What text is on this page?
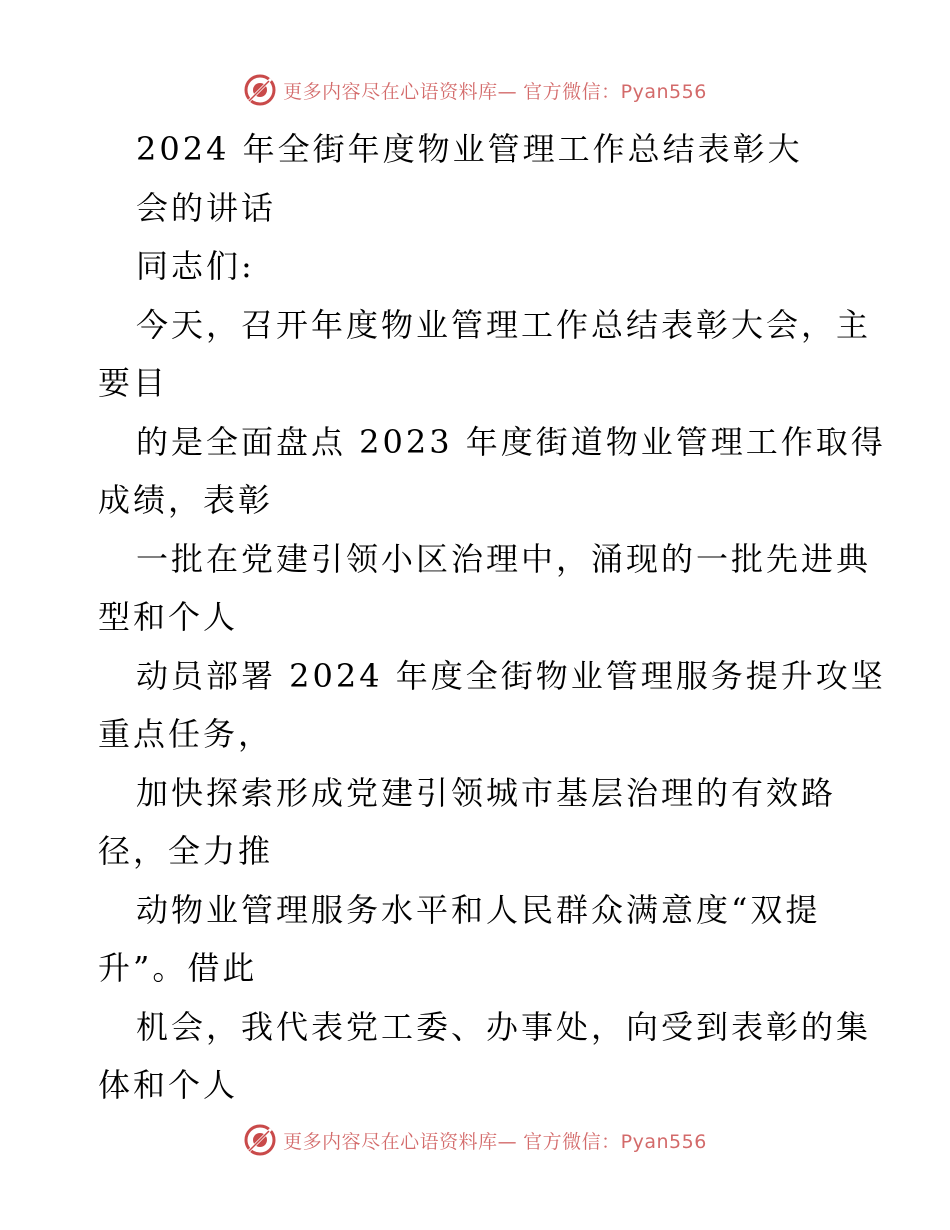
更多内容尽在心语资料库— 官方微信：Pyan556
2024 年全街年度物业管理工作总结表彰大
会的讲话
同志们:
今天，召开年度物业管理工作总结表彰大会，主
要目
的是全面盘点 2023 年度街道物业管理工作取得
成绩，表彰
一批在党建引领小区治理中，涌现的一批先进典
型和个人
动员部署 2024 年度全街物业管理服务提升攻坚
重点任务，
加快探索形成党建引领城市基层治理的有效路
径，全力推
动物业管理服务水平和人民群众满意度“双提
升”。借此
机会，我代表党工委、办事处，向受到表彰的集
体和个人
更多内容尽在心语资料库— 官方微信：Pyan556
